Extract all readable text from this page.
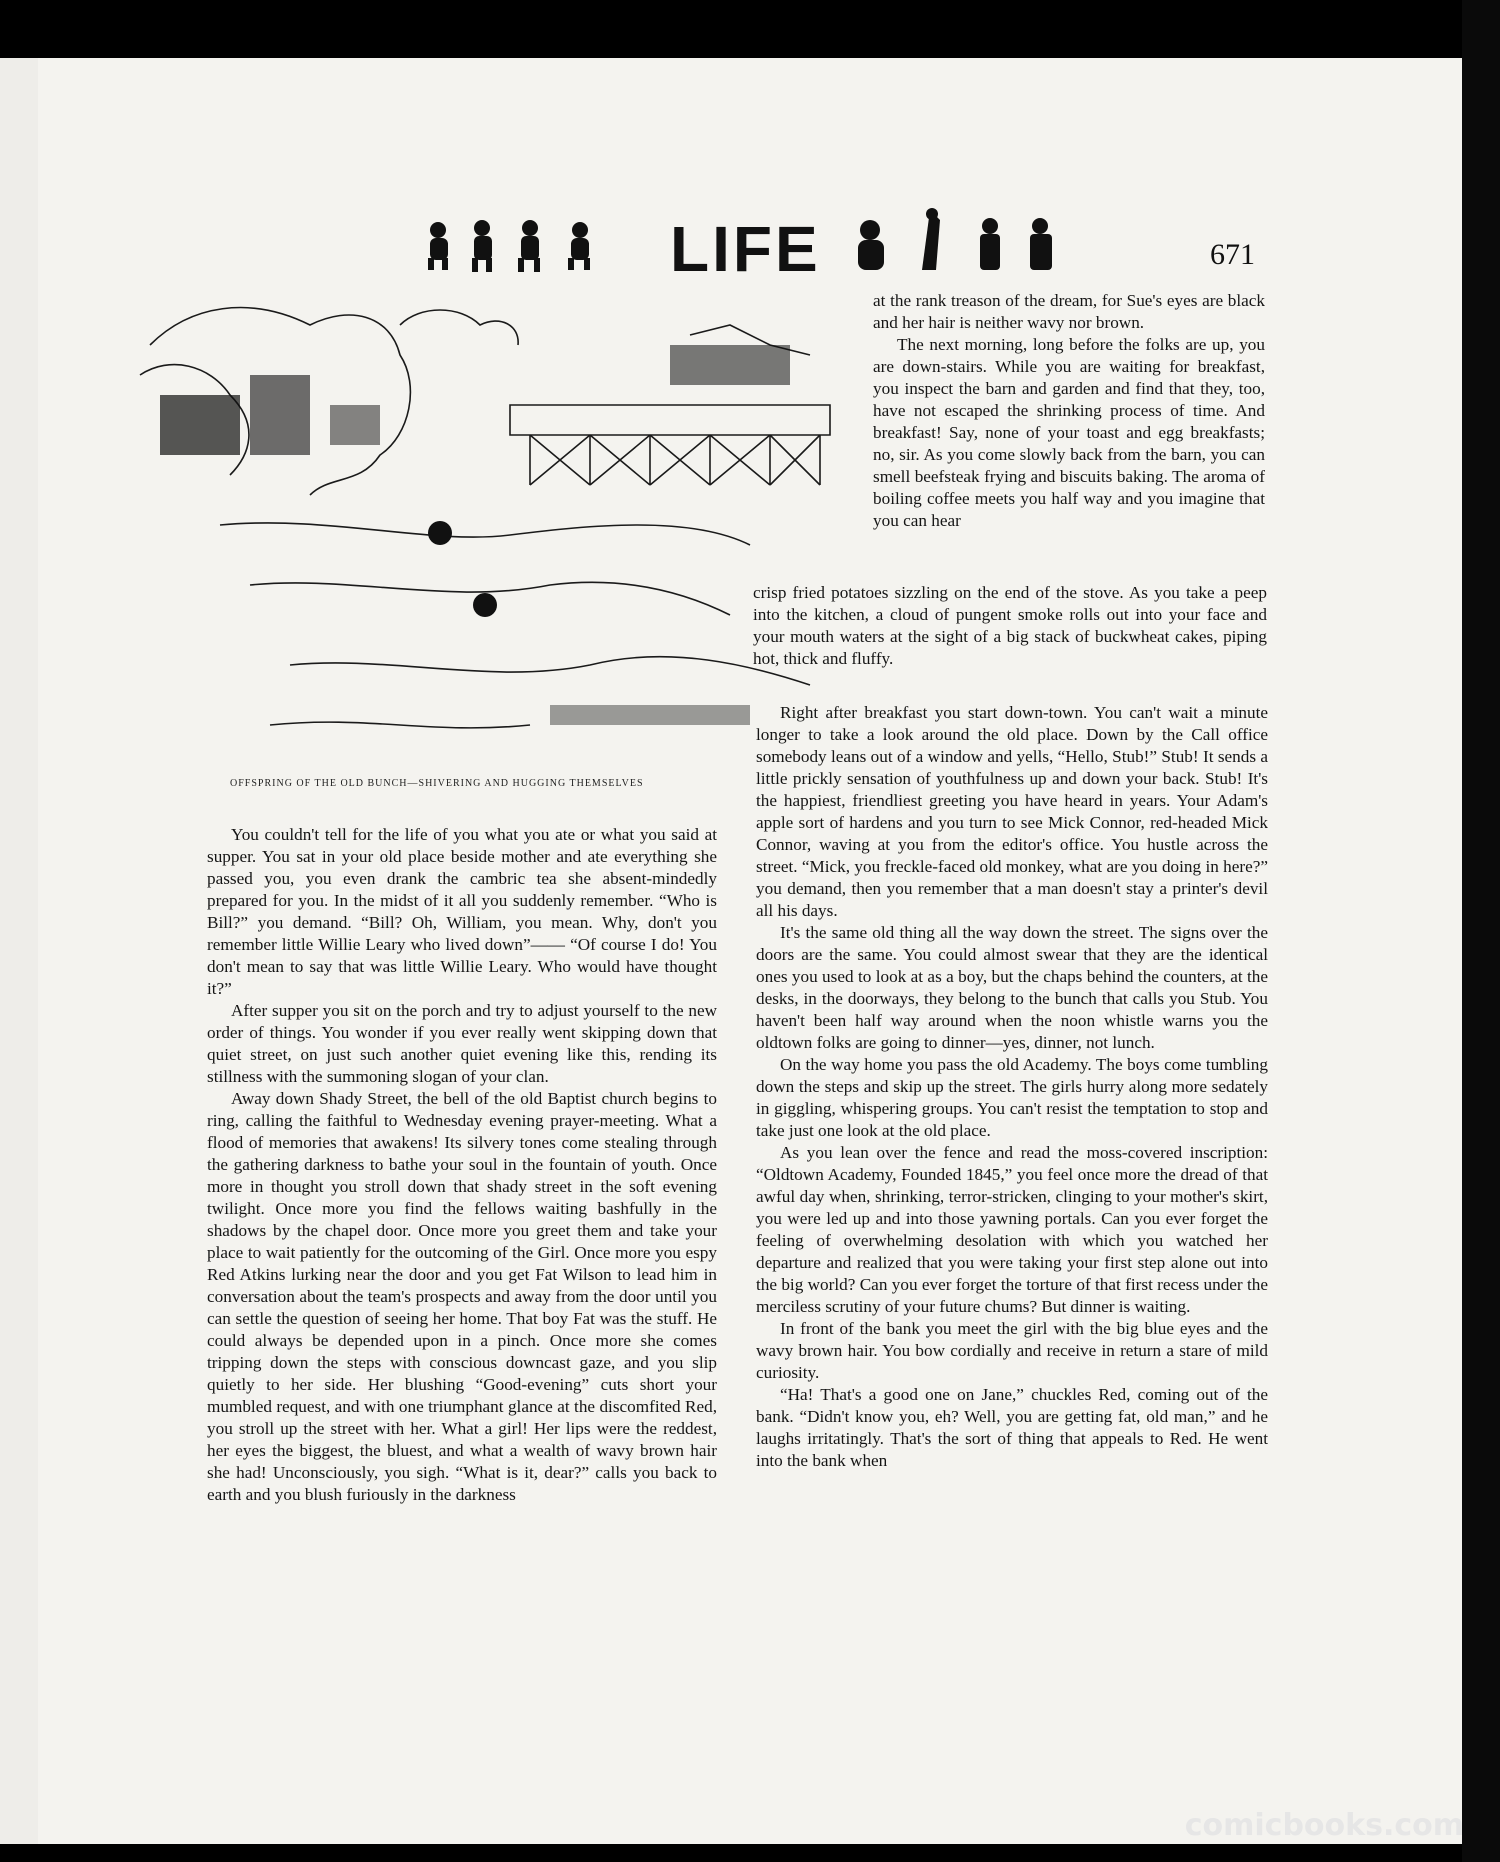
LIFE	671
OFFSPRING OF THE OLD BUNCH—SHIVERING AND HUGGING THEMSELVES

at the rank treason of the dream, for Sue's eyes are black and her hair is neither wavy nor brown.

The next morning, long before the folks are up, you are down-stairs. While you are waiting for breakfast, you inspect the barn and garden and find that they, too, have not escaped the shrinking process of time. And breakfast! Say, none of your toast and egg breakfasts; no, sir. As you come slowly back from the barn, you can smell beefsteak frying and biscuits baking. The aroma of boiling coffee meets you half way and you imagine that you can hear

crisp fried potatoes sizzling on the end of the stove. As you take a peep into the kitchen, a cloud of pungent smoke rolls out into your face and your mouth waters at the sight of a big stack of buckwheat cakes, piping hot, thick and fluffy.

You couldn't tell for the life of you what you ate or what you said at supper. You sat in your old place beside mother and ate everything she passed you, you even drank the cambric tea she absent-mindedly prepared for you. In the midst of it all you suddenly remember. “Who is Bill?” you demand. “Bill? Oh, William, you mean. Why, don't you remember little Willie Leary who lived down”—— “Of course I do! You don't mean to say that was little Willie Leary. Who would have thought it?”

After supper you sit on the porch and try to adjust yourself to the new order of things. You wonder if you ever really went skipping down that quiet street, on just such another quiet evening like this, rending its stillness with the summoning slogan of your clan.

Away down Shady Street, the bell of the old Baptist church begins to ring, calling the faithful to Wednesday evening prayer-meeting. What a flood of memories that awakens! Its silvery tones come stealing through the gathering darkness to bathe your soul in the fountain of youth. Once more in thought you stroll down that shady street in the soft evening twilight. Once more you find the fellows waiting bashfully in the shadows by the chapel door. Once more you greet them and take your place to wait patiently for the outcoming of the Girl. Once more you espy Red Atkins lurking near the door and you get Fat Wilson to lead him in conversation about the team's prospects and away from the door until you can settle the question of seeing her home. That boy Fat was the stuff. He could always be depended upon in a pinch. Once more she comes tripping down the steps with conscious downcast gaze, and you slip quietly to her side. Her blushing “Good-evening” cuts short your mumbled request, and with one triumphant glance at the discomfited Red, you stroll up the street with her. What a girl! Her lips were the reddest, her eyes the biggest, the bluest, and what a wealth of wavy brown hair she had! Unconsciously, you sigh. “What is it, dear?” calls you back to earth and you blush furiously in the darkness

Right after breakfast you start down-town. You can't wait a minute longer to take a look around the old place. Down by the Call office somebody leans out of a window and yells, “Hello, Stub!” Stub! It sends a little prickly sensation of youthfulness up and down your back. Stub! It's the happiest, friendliest greeting you have heard in years. Your Adam's apple sort of hardens and you turn to see Mick Connor, red-headed Mick Connor, waving at you from the editor's office. You hustle across the street. “Mick, you freckle-faced old monkey, what are you doing in here?” you demand, then you remember that a man doesn't stay a printer's devil all his days.

It's the same old thing all the way down the street. The signs over the doors are the same. You could almost swear that they are the identical ones you used to look at as a boy, but the chaps behind the counters, at the desks, in the doorways, they belong to the bunch that calls you Stub. You haven't been half way around when the noon whistle warns you the oldtown folks are going to dinner—yes, dinner, not lunch.

On the way home you pass the old Academy. The boys come tumbling down the steps and skip up the street. The girls hurry along more sedately in giggling, whispering groups. You can't resist the temptation to stop and take just one look at the old place.

As you lean over the fence and read the moss-covered inscription: “Oldtown Academy, Founded 1845,” you feel once more the dread of that awful day when, shrinking, terror-stricken, clinging to your mother's skirt, you were led up and into those yawning portals. Can you ever forget the feeling of overwhelming desolation with which you watched her departure and realized that you were taking your first step alone out into the big world? Can you ever forget the torture of that first recess under the merciless scrutiny of your future chums? But dinner is waiting.

In front of the bank you meet the girl with the big blue eyes and the wavy brown hair. You bow cordially and receive in return a stare of mild curiosity.

“Ha! That's a good one on Jane,” chuckles Red, coming out of the bank. “Didn't know you, eh? Well, you are getting fat, old man,” and he laughs irritatingly. That's the sort of thing that appeals to Red. He went into the bank when

comicbooks.com
